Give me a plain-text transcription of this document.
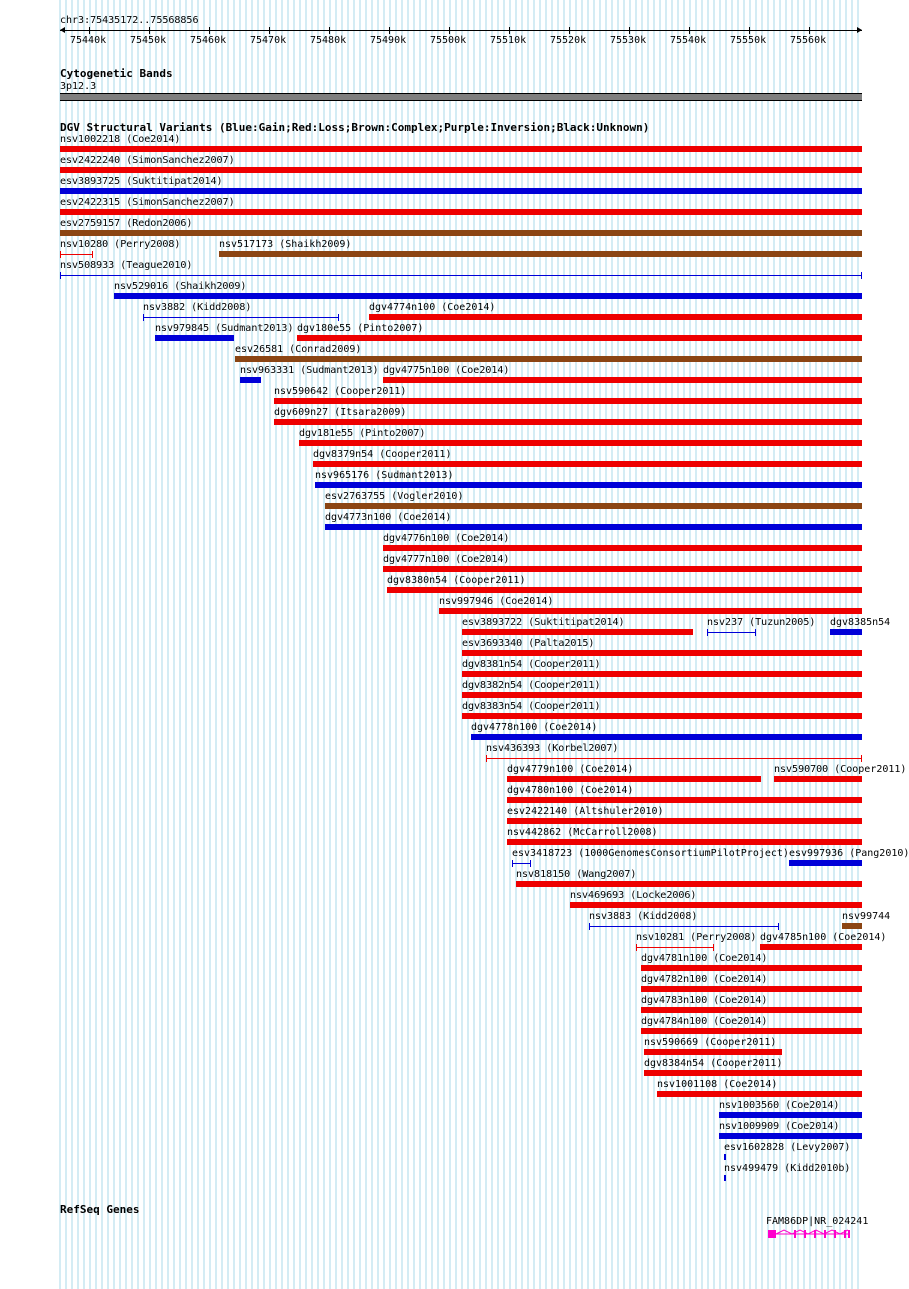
chr3:75435172..75568856
75440k 75450k 75460k 75470k 75480k 75490k 75500k 75510k 75520k 75530k 75540k 75550k 75560k
Cytogenetic Bands
3p12.3
DGV Structural Variants (Blue:Gain;Red:Loss;Brown:Complex;Purple:Inversion;Black:Unknown)
nsv1002218 (Coe2014)
esv2422240 (SimonSanchez2007)
esv3893725 (Suktitipat2014)
esv2422315 (SimonSanchez2007)
esv2759157 (Redon2006)
nsv10280 (Perry2008)	nsv517173 (Shaikh2009)
nsv508933 (Teague2010)
nsv529016 (Shaikh2009)
nsv3882 (Kidd2008)	dgv4774n100 (Coe2014)
nsv979845 (Sudmant2013) dgv180e55 (Pinto2007)
esv26581 (Conrad2009)
nsv963331 (Sudmant2013) dgv4775n100 (Coe2014)
nsv590642 (Cooper2011)
dgv609n27 (Itsara2009)
dgv181e55 (Pinto2007)
dgv8379n54 (Cooper2011)
nsv965176 (Sudmant2013)
esv2763755 (Vogler2010)
dgv4773n100 (Coe2014)
dgv4776n100 (Coe2014)
dgv4777n100 (Coe2014)
dgv8380n54 (Cooper2011)
nsv997946 (Coe2014)
esv3893722 (Suktitipat2014)	nsv237 (Tuzun2005) dgv8385n54
esv3693340 (Palta2015)
dgv8381n54 (Cooper2011)
dgv8382n54 (Cooper2011)
dgv8383n54 (Cooper2011)
dgv4778n100 (Coe2014)
nsv436393 (Korbel2007)
dgv4779n100 (Coe2014)	nsv590700 (Cooper2011)
dgv4780n100 (Coe2014)
esv2422140 (Altshuler2010)
nsv442862 (McCarroll2008)
esv3418723 (1000GenomesConsortiumPilotProject) esv997936 (Pang2010)
nsv818150 (Wang2007)
nsv469693 (Locke2006)
nsv3883 (Kidd2008)	nsv99744
nsv10281 (Perry2008) dgv4785n100 (Coe2014)
dgv4781n100 (Coe2014)
dgv4782n100 (Coe2014)
dgv4783n100 (Coe2014)
dgv4784n100 (Coe2014)
nsv590669 (Cooper2011)
dgv8384n54 (Cooper2011)
nsv1001108 (Coe2014)
nsv1003560 (Coe2014)
nsv1009909 (Coe2014)
esv1602828 (Levy2007)
nsv499479 (Kidd2010b)
RefSeq Genes
FAM86DP|NR_024241
